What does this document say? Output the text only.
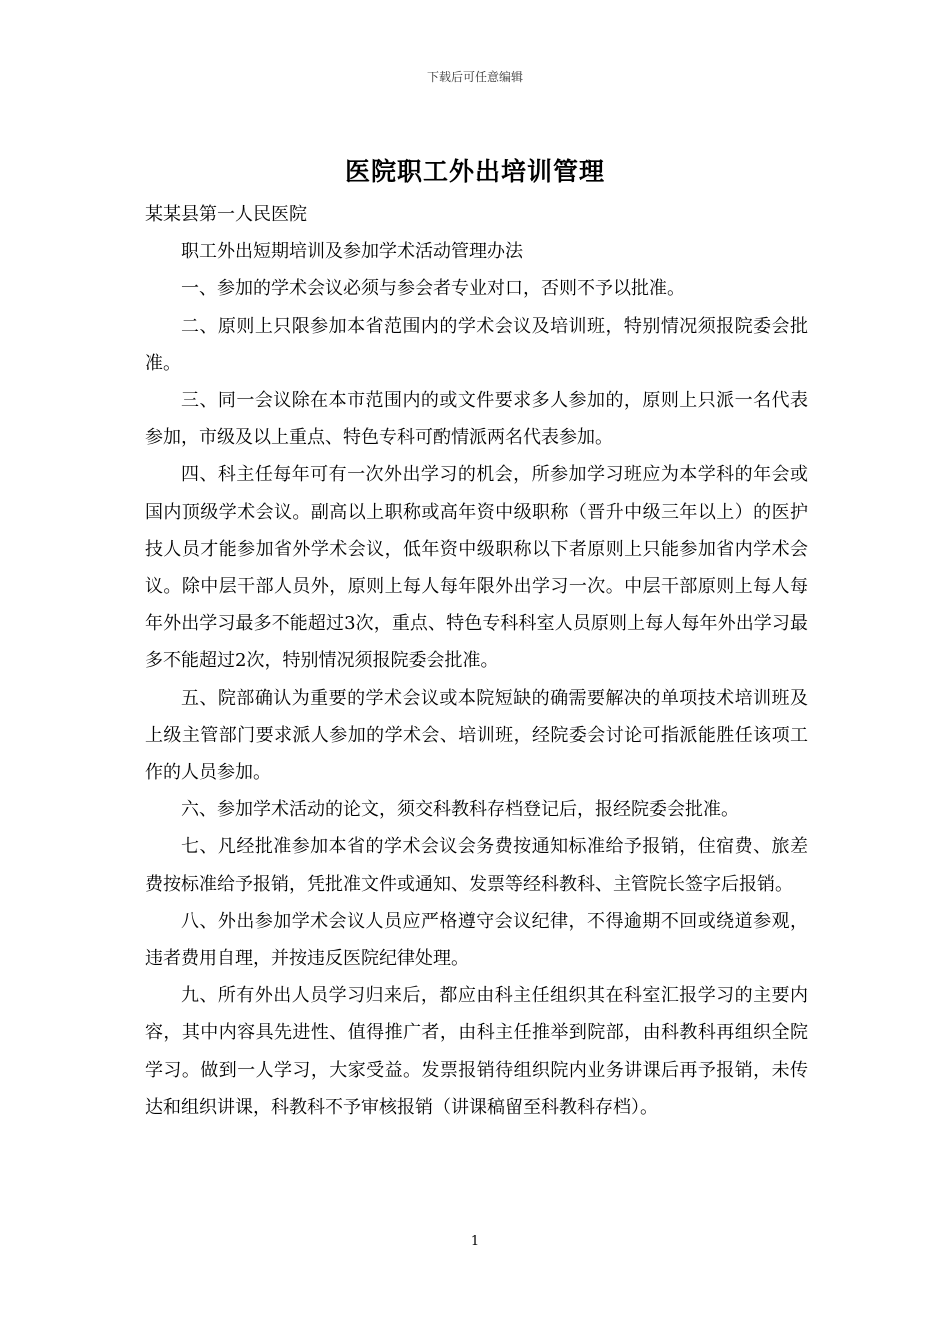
下载后可任意编辑
医院职工外出培训管理

某某县第一人民医院

职工外出短期培训及参加学术活动管理办法

一、参加的学术会议必须与参会者专业对口，否则不予以批准。

二、原则上只限参加本省范围内的学术会议及培训班，特别情况须报院委会批准。

三、同一会议除在本市范围内的或文件要求多人参加的，原则上只派一名代表参加，市级及以上重点、特色专科可酌情派两名代表参加。

四、科主任每年可有一次外出学习的机会，所参加学习班应为本学科的年会或国内顶级学术会议。副高以上职称或高年资中级职称（晋升中级三年以上）的医护技人员才能参加省外学术会议，低年资中级职称以下者原则上只能参加省内学术会议。除中层干部人员外，原则上每人每年限外出学习一次。中层干部原则上每人每年外出学习最多不能超过3次，重点、特色专科科室人员原则上每人每年外出学习最多不能超过2次，特别情况须报院委会批准。

五、院部确认为重要的学术会议或本院短缺的确需要解决的单项技术培训班及上级主管部门要求派人参加的学术会、培训班，经院委会讨论可指派能胜任该项工作的人员参加。

六、参加学术活动的论文，须交科教科存档登记后，报经院委会批准。

七、凡经批准参加本省的学术会议会务费按通知标准给予报销，住宿费、旅差费按标准给予报销，凭批准文件或通知、发票等经科教科、主管院长签字后报销。

八、外出参加学术会议人员应严格遵守会议纪律，不得逾期不回或绕道参观，违者费用自理，并按违反医院纪律处理。

九、所有外出人员学习归来后，都应由科主任组织其在科室汇报学习的主要内容，其中内容具先进性、值得推广者，由科主任推举到院部，由科教科再组织全院学习。做到一人学习，大家受益。发票报销待组织院内业务讲课后再予报销，未传达和组织讲课，科教科不予审核报销（讲课稿留至科教科存档）。

1
